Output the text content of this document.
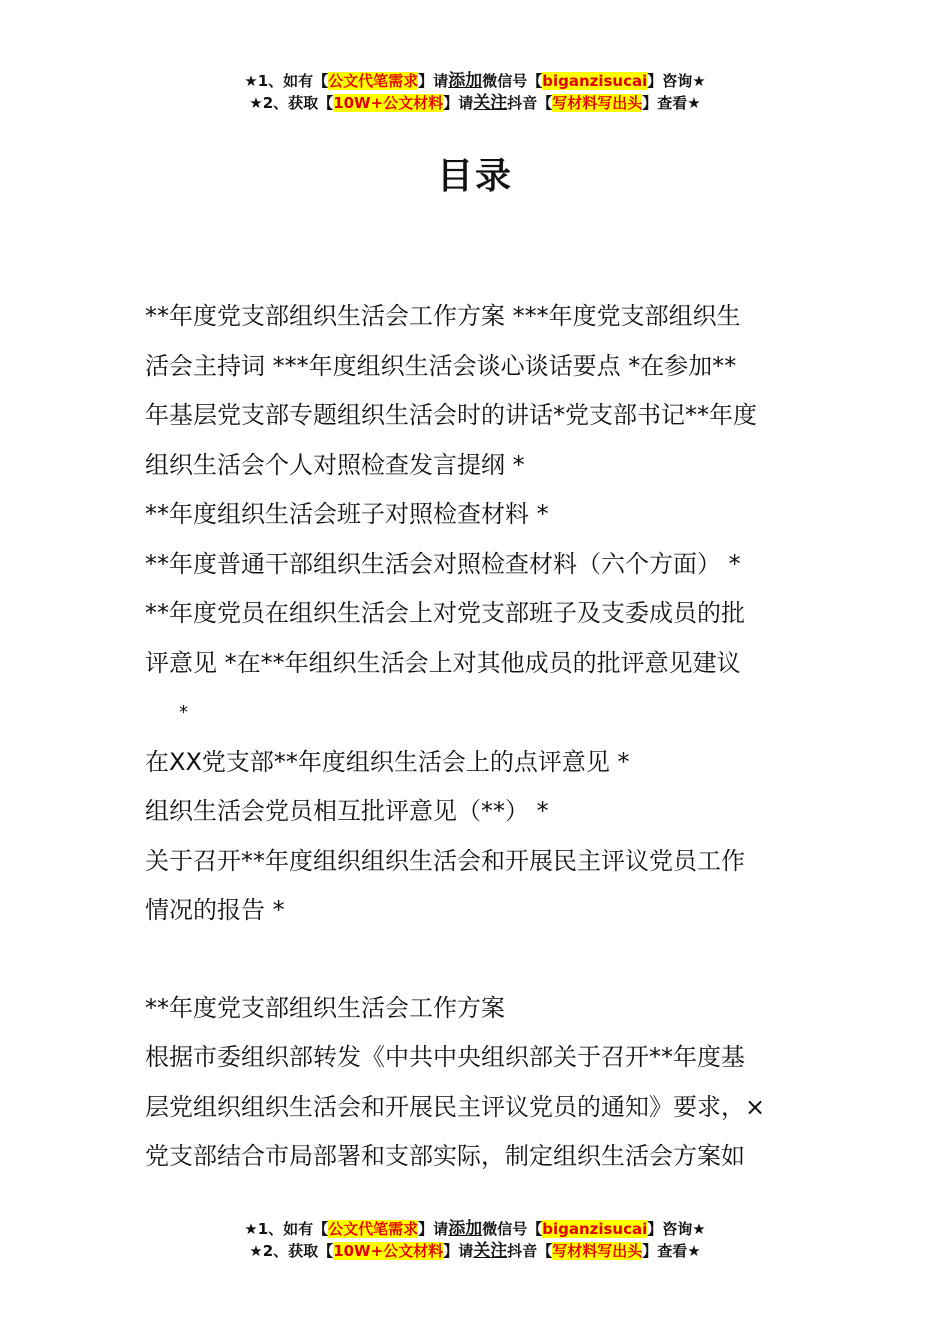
★1、如有【公文代笔需求】请添加微信号【biganzisucai】咨询★
★2、获取【10W+公文材料】请关注抖音【写材料写出头】查看★
目录
**年度党支部组织生活会工作方案 ***年度党支部组织生
活会主持词 ***年度组织生活会谈心谈话要点 *在参加**
年基层党支部专题组织生活会时的讲话*党支部书记**年度
组织生活会个人对照检查发言提纲 *
**年度组织生活会班子对照检查材料 *
**年度普通干部组织生活会对照检查材料（六个方面） *
**年度党员在组织生活会上对党支部班子及支委成员的批
评意见 *在**年组织生活会上对其他成员的批评意见建议
*
在XX党支部**年度组织生活会上的点评意见 *
组织生活会党员相互批评意见（**） *
关于召开**年度组织组织生活会和开展民主评议党员工作
情况的报告 *
**年度党支部组织生活会工作方案
根据市委组织部转发《中共中央组织部关于召开**年度基
层党组织组织生活会和开展民主评议党员的通知》要求，×
党支部结合市局部署和支部实际，制定组织生活会方案如
★1、如有【公文代笔需求】请添加微信号【biganzisucai】咨询★
★2、获取【10W+公文材料】请关注抖音【写材料写出头】查看★
